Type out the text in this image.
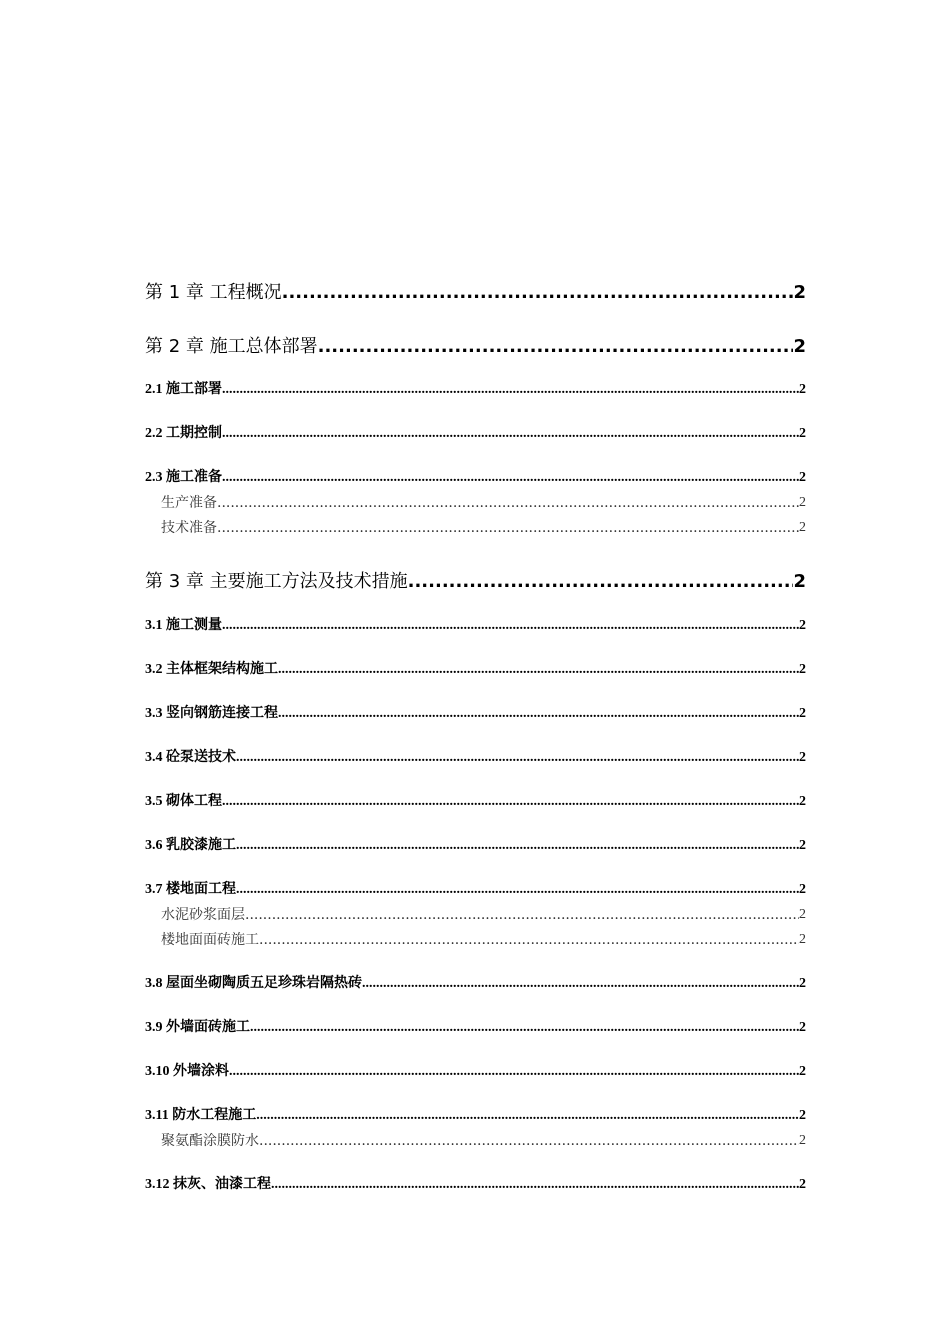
第 1 章 工程概况 .....	2
第 2 章 施工总体部署 .....	2
2.1 施工部署 .....	2
2.2 工期控制 .....	2
2.3 施工准备 .....	2
生产准备 .....	2
技术准备 .....	2
第 3 章 主要施工方法及技术措施 .....	2
3.1 施工测量 .....	2
3.2 主体框架结构施工 .....	2
3.3 竖向钢筋连接工程 .....	2
3.4 砼泵送技术 .....	2
3.5 砌体工程 .....	2
3.6 乳胶漆施工 .....	2
3.7 楼地面工程 .....	2
水泥砂浆面层 .....	2
楼地面面砖施工 .....	2
3.8 屋面坐砌陶质五足珍珠岩隔热砖 .....	2
3.9 外墙面砖施工 .....	2
3.10 外墙涂料 .....	2
3.11 防水工程施工 .....	2
聚氨酯涂膜防水 .....	2
3.12 抹灰、油漆工程 .....	2
